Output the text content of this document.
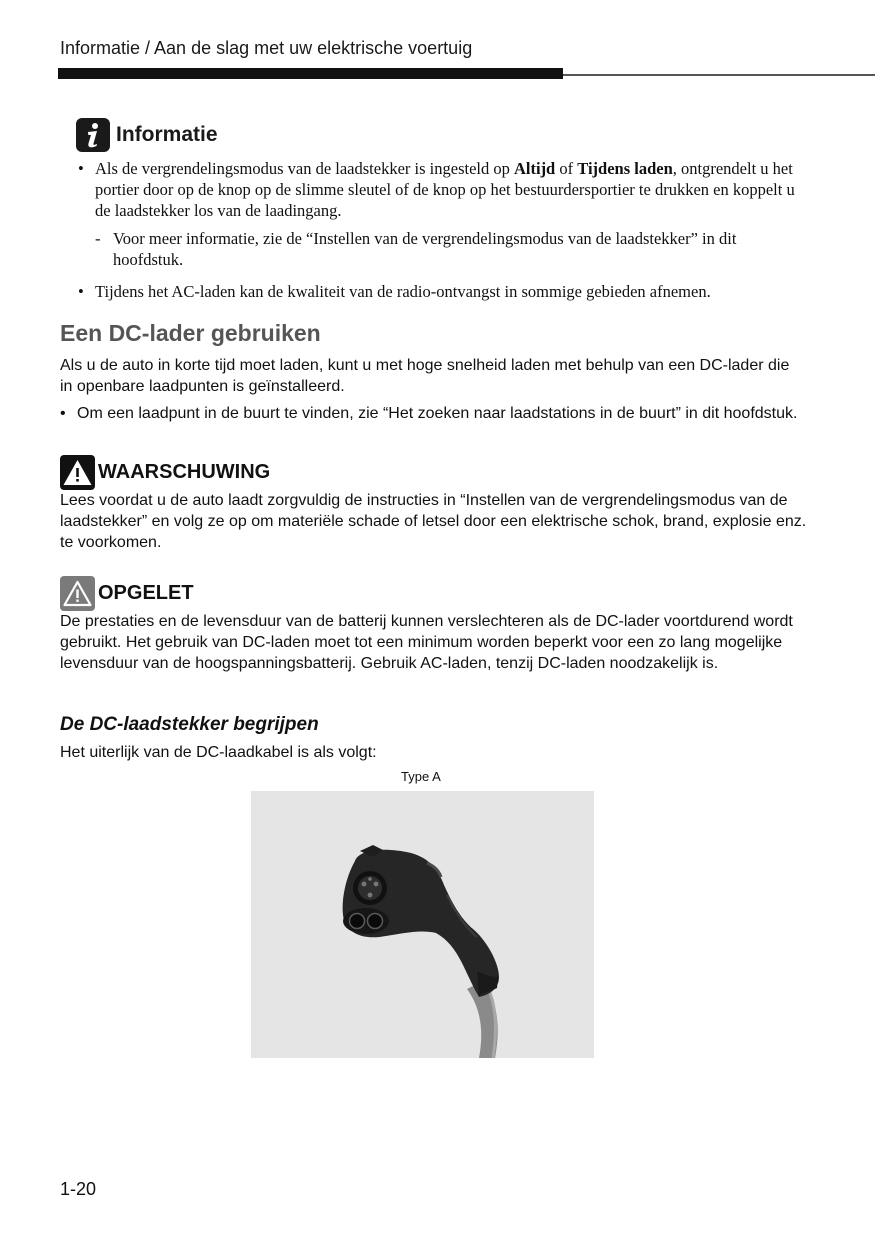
Informatie / Aan de slag met uw elektrische voertuig
Informatie
• Als de vergrendelingsmodus van de laadstekker is ingesteld op Altijd of Tijdens laden, ontgrendelt u het portier door op de knop op de slimme sleutel of de knop op het bestuurdersportier te drukken en koppelt u de laadstekker los van de laadingang.
- Voor meer informatie, zie de “Instellen van de vergrendelingsmodus van de laadstekker” in dit hoofdstuk.
• Tijdens het AC-laden kan de kwaliteit van de radio-ontvangst in sommige gebieden afnemen.
Een DC-lader gebruiken
Als u de auto in korte tijd moet laden, kunt u met hoge snelheid laden met behulp van een DC-lader die in openbare laadpunten is geïnstalleerd.
• Om een laadpunt in de buurt te vinden, zie “Het zoeken naar laadstations in de buurt” in dit hoofdstuk.
WAARSCHUWING
Lees voordat u de auto laadt zorgvuldig de instructies in “Instellen van de vergrendelingsmodus van de laadstekker” en volg ze op om materiële schade of letsel door een elektrische schok, brand, explosie enz. te voorkomen.
OPGELET
De prestaties en de levensduur van de batterij kunnen verslechteren als de DC-lader voortdurend wordt gebruikt. Het gebruik van DC-laden moet tot een minimum worden beperkt voor een zo lang mogelijke levensduur van de hoogspanningsbatterij. Gebruik AC-laden, tenzij DC-laden noodzakelijk is.
De DC-laadstekker begrijpen
Het uiterlijk van de DC-laadkabel is als volgt:
Type A
1-20
